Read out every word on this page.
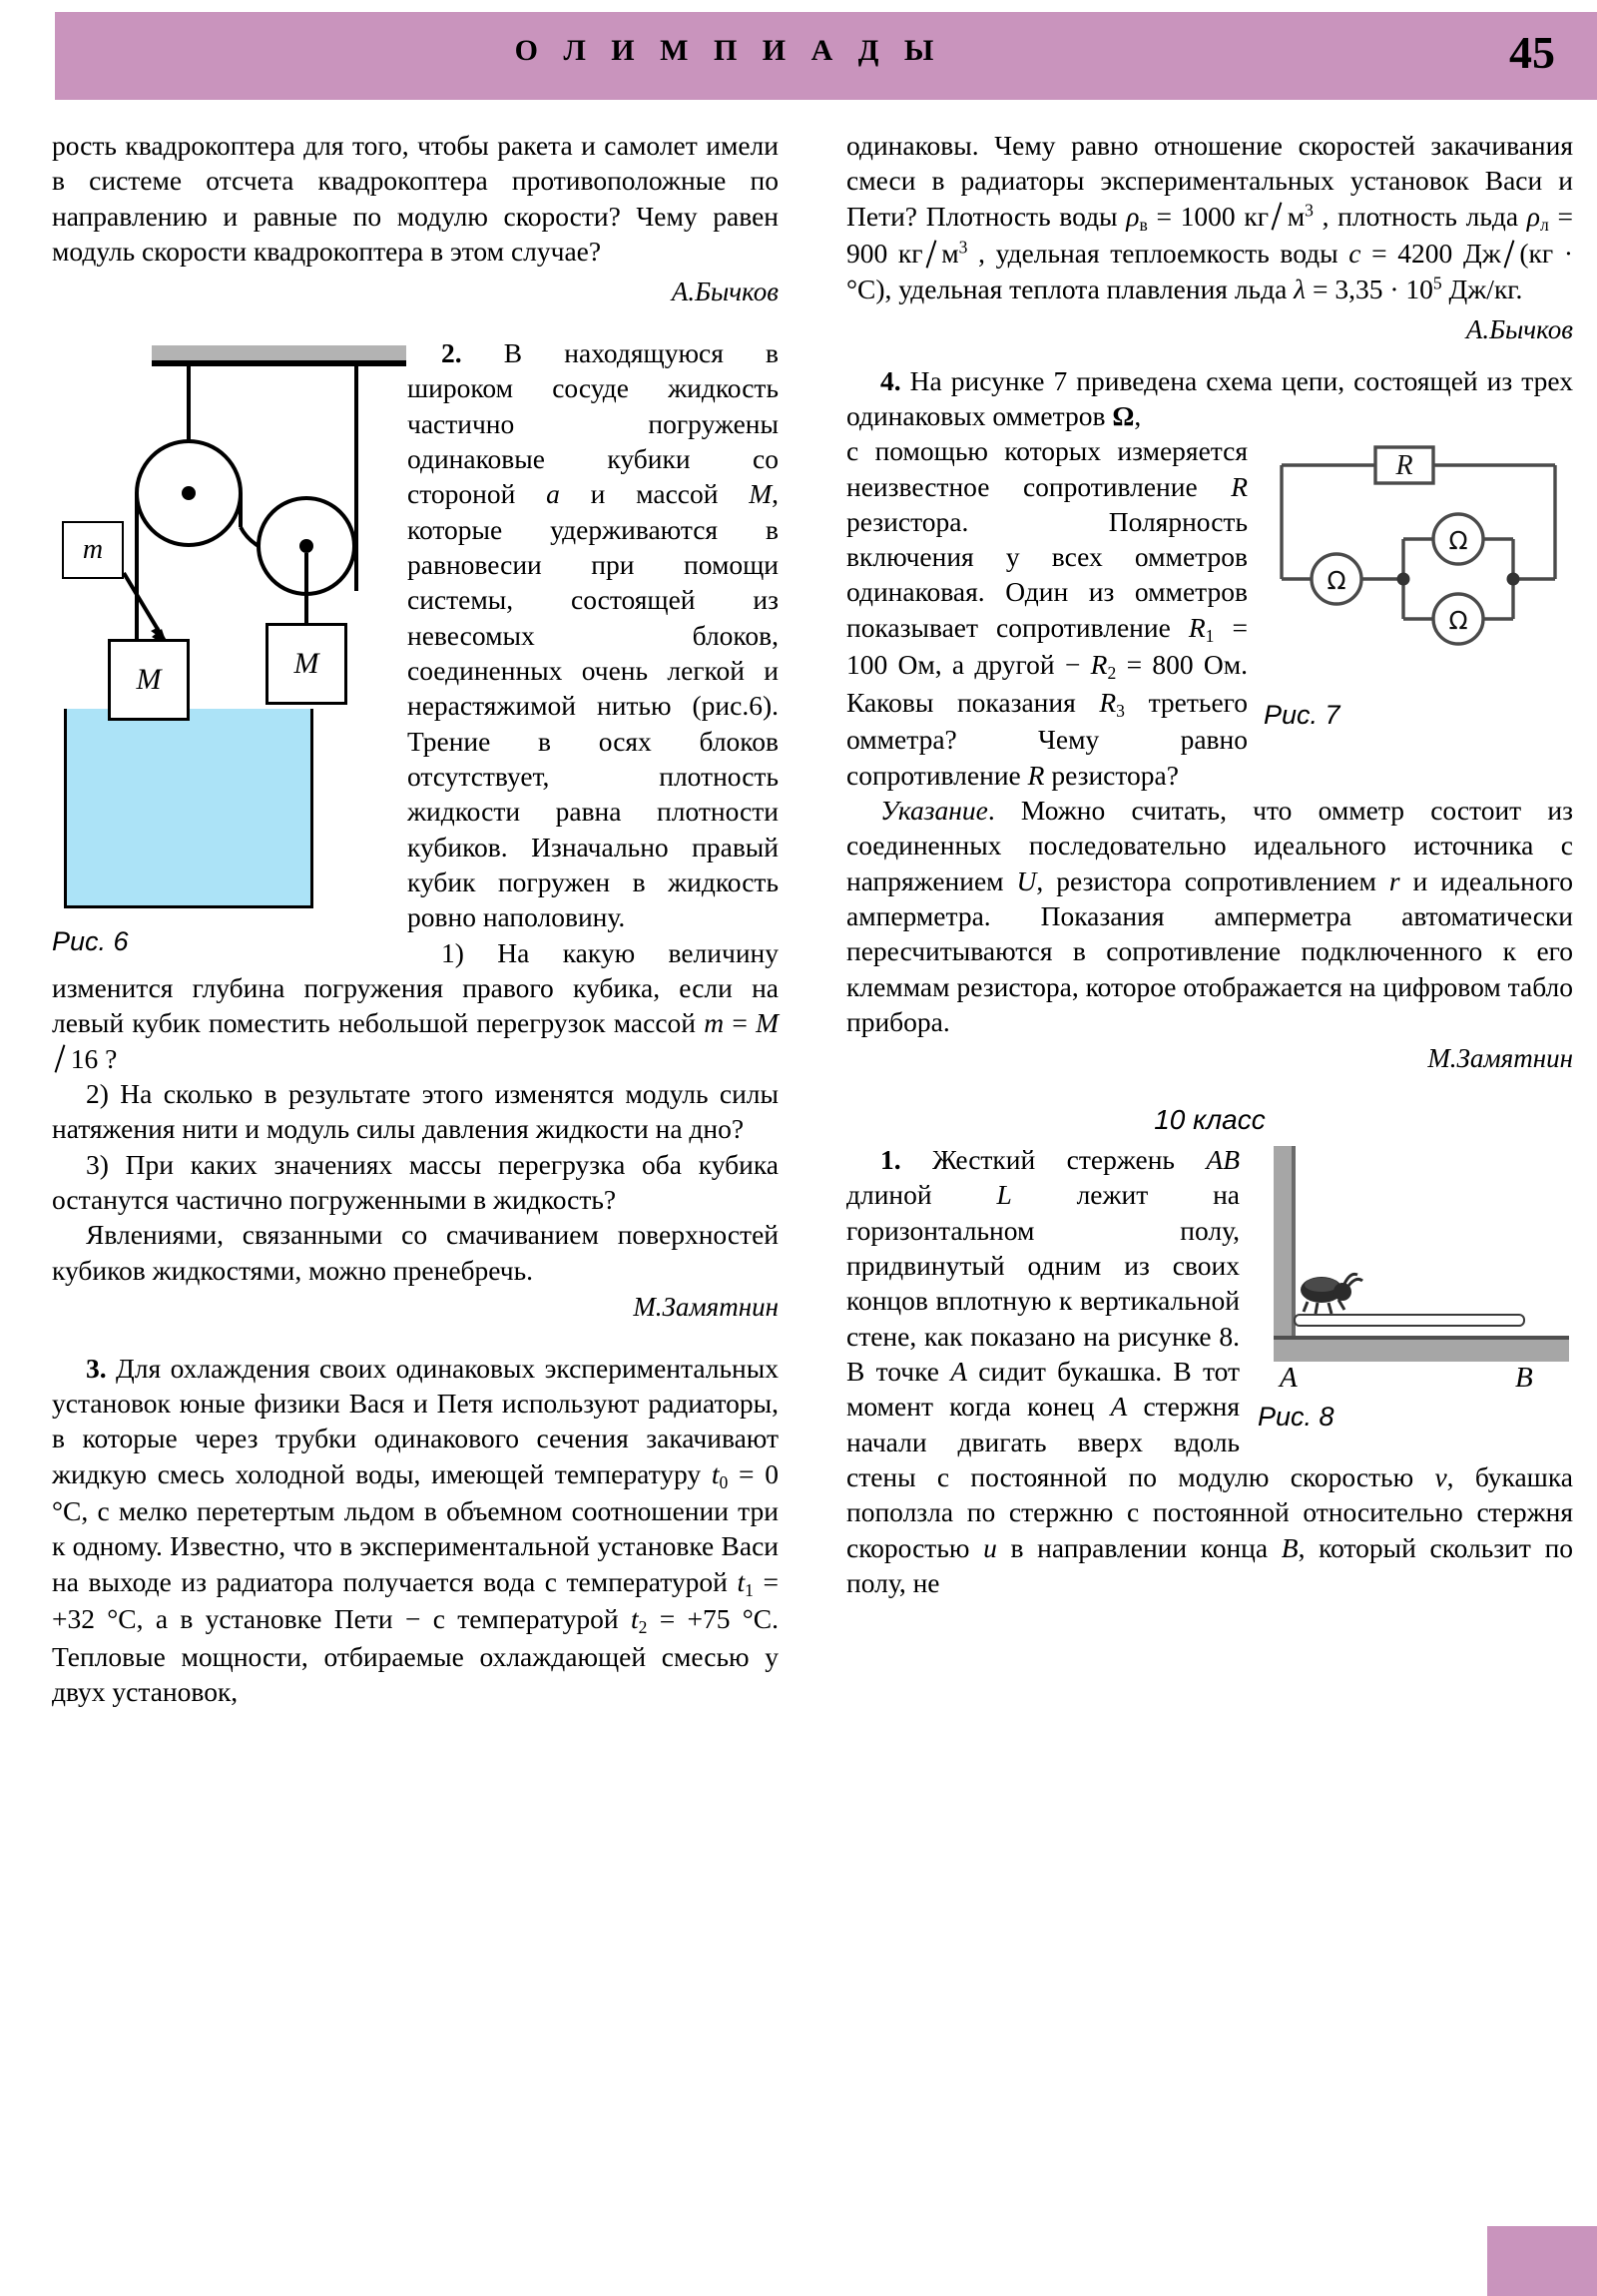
О Л И М П И А Д Ы	45

рость квадрокоптера для того, чтобы ракета и самолет имели в системе отсчета квадрокоптера противоположные по направлению и равные по модулю скорости? Чему равен модуль скорости квадрокоптера в этом случае?

А.Бычков
m
M	M
Рис. 6

2. В находящуюся в широком сосуде жидкость частично погружены одинаковые кубики со стороной a и массой M, которые удерживаются в равновесии при помощи системы, состоящей из невесомых блоков, соединенных очень легкой и нерастяжимой нитью (рис.6). Трение в осях блоков отсутствует, плотность жидкости равна плотности кубиков. Изначально правый кубик погружен в жидкость ровно наполовину.

1) На какую величину изменится глубина погружения правого кубика, если на левый кубик поместить небольшой перегрузок массой m = M16 ?

2) На сколько в результате этого изменятся модуль силы натяжения нити и модуль силы давления жидкости на дно?

3) При каких значениях массы перегрузка оба кубика останутся частично погруженными в жидкость?

Явлениями, связанными со смачиванием поверхностей кубиков жидкостями, можно пренебречь.

М.Замятнин

3. Для охлаждения своих одинаковых экспериментальных установок юные физики Вася и Петя используют радиаторы, в которые через трубки одинакового сечения закачивают жидкую смесь холодной воды, имеющей температуру $t_0 = 0$ °C, с мелко перетертым льдом в объемном соотношении три к одному. Известно, что в экспериментальной установке Васи на выходе из радиатора получается вода с температурой $t_1 = +32$ °C, а в установке Пети − с температурой $t_2 = +75$ °C. Тепловые мощности, отбираемые охлаждающей смесью у двух установок,

одинаковы. Чему равно отношение скоростей закачивания смеси в радиаторы экспериментальных установок Васи и Пети? Плотность воды $\rho_в = 1000$ кг $м^3$ , плотность льда $\rho_л = 900$ кг $м^3$ , удельная теплоемкость воды c = 4200 Дж (кг · °C), удельная теплота плавления льда $\lambda = 3,35 \cdot 10^5$ Дж/кг.

А.Бычков

4. На рисунке 7 приведена схема цепи, состоящей из трех одинаковых омметров Ω,

R
Ω
Ω
Ω
Рис. 7

с помощью которых измеряется неизвестное сопротивление R резистора. Полярность включения у всех омметров одинаковая. Один из омметров показывает сопротивление $R_1 = 100$ Ом, а другой − $R_2 = 800$ Ом. Каковы показания $R_3$ третьего омметра? Чему равно сопротивление R резистора?

Указание. Можно считать, что омметр состоит из соединенных последовательно идеального источника с напряжением U, резистора сопротивлением r и идеального амперметра. Показания амперметра автоматически пересчитываются в сопротивление подключенного к его клеммам резистора, которое отображается на цифровом табло прибора.

М.Замятнин
10 класс
A	B
Рис. 8

1. Жесткий стержень AB длиной L лежит на горизонтальном полу, придвинутый одним из своих концов вплотную к вертикальной стене, как показано на рисунке 8. В точке A сидит букашка. В тот момент когда конец A стержня начали двигать вверх вдоль стены с постоянной по модулю скоростью v, букашка поползла по стержню с постоянной относительно стержня скоростью u в направлении конца B, который скользит по полу, не
